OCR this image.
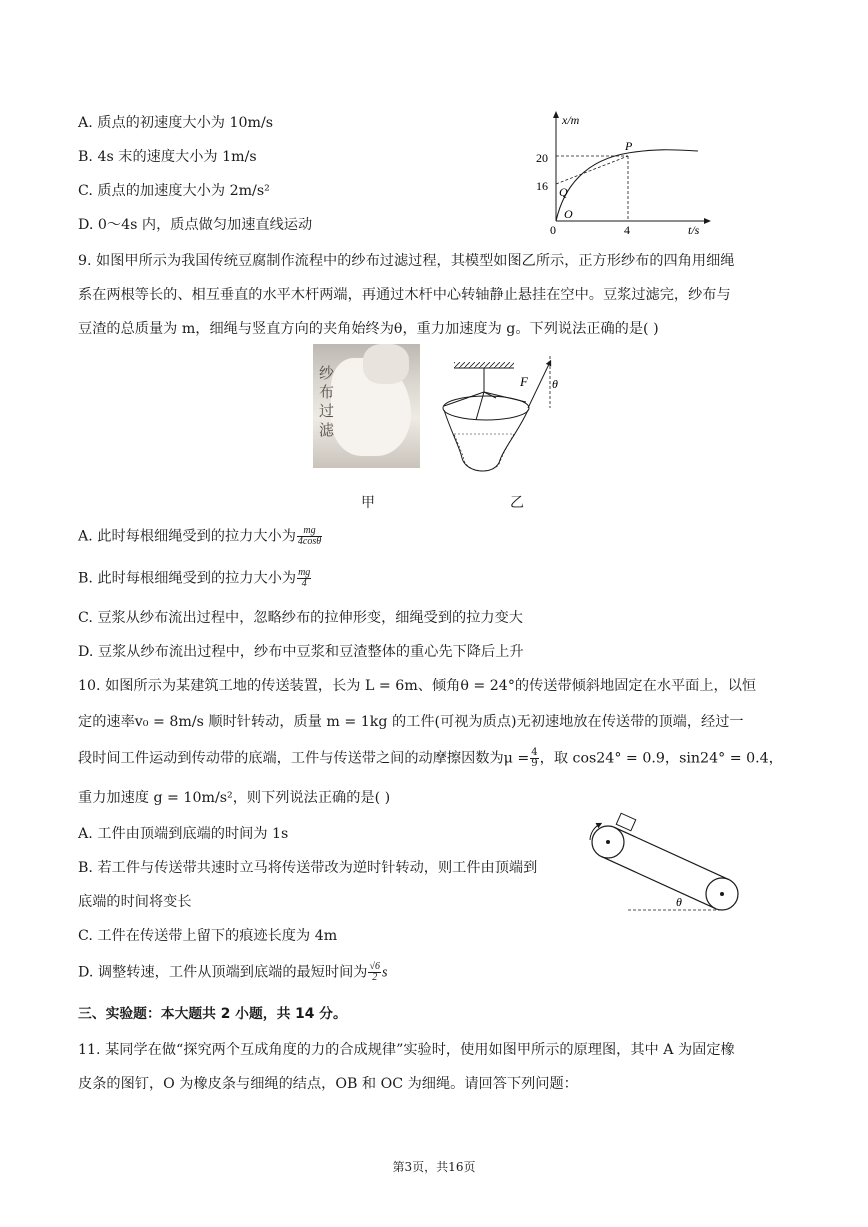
A. 质点的初速度大小为 10m/s
B. 4s 末的速度大小为 1m/s
C. 质点的加速度大小为 2m/s²
D. 0～4s 内，质点做匀加速直线运动
x/m
t/s
20
16
0	4
P
Q
O
9. 如图甲所示为我国传统豆腐制作流程中的纱布过滤过程，其模型如图乙所示，正方形纱布的四角用细绳
系在两根等长的、相互垂直的水平木杆两端，再通过木杆中心转轴静止悬挂在空中。豆浆过滤完，纱布与
豆渣的总质量为 m，细绳与竖直方向的夹角始终为θ，重力加速度为 g。下列说法正确的是( )
纱布过滤
甲
F θ
乙
A. 此时每根细绳受到的拉力大小为 $\frac{mg}{4\cos\theta}$
B. 此时每根细绳受到的拉力大小为 $\frac{mg}{4}$
C. 豆浆从纱布流出过程中，忽略纱布的拉伸形变，细绳受到的拉力变大
D. 豆浆从纱布流出过程中，纱布中豆浆和豆渣整体的重心先下降后上升
10. 如图所示为某建筑工地的传送装置，长为 L = 6m、倾角θ = 24°的传送带倾斜地固定在水平面上，以恒
定的速率v₀ = 8m/s 顺时针转动，质量 m = 1kg 的工件(可视为质点)无初速地放在传送带的顶端，经过一
段时间工件运动到传动带的底端，工件与传送带之间的动摩擦因数为$\mu = \frac{4}{9}$ ，取 cos24° = 0.9，sin24° = 0.4，
重力加速度 g = 10m/s²，则下列说法正确的是( )
A. 工件由顶端到底端的时间为 1s
B. 若工件与传送带共速时立马将传送带改为逆时针转动，则工件由顶端到
底端的时间将变长
C. 工件在传送带上留下的痕迹长度为 4m
D. 调整转速，工件从顶端到底端的最短时间为 $\frac{√6}{2}$ s
θ
三、实验题：本大题共 2 小题，共 14 分。
11. 某同学在做“探究两个互成角度的力的合成规律”实验时，使用如图甲所示的原理图，其中 A 为固定橡
皮条的图钉，O 为橡皮条与细绳的结点，OB 和 OC 为细绳。请回答下列问题：
第3页，共16页
